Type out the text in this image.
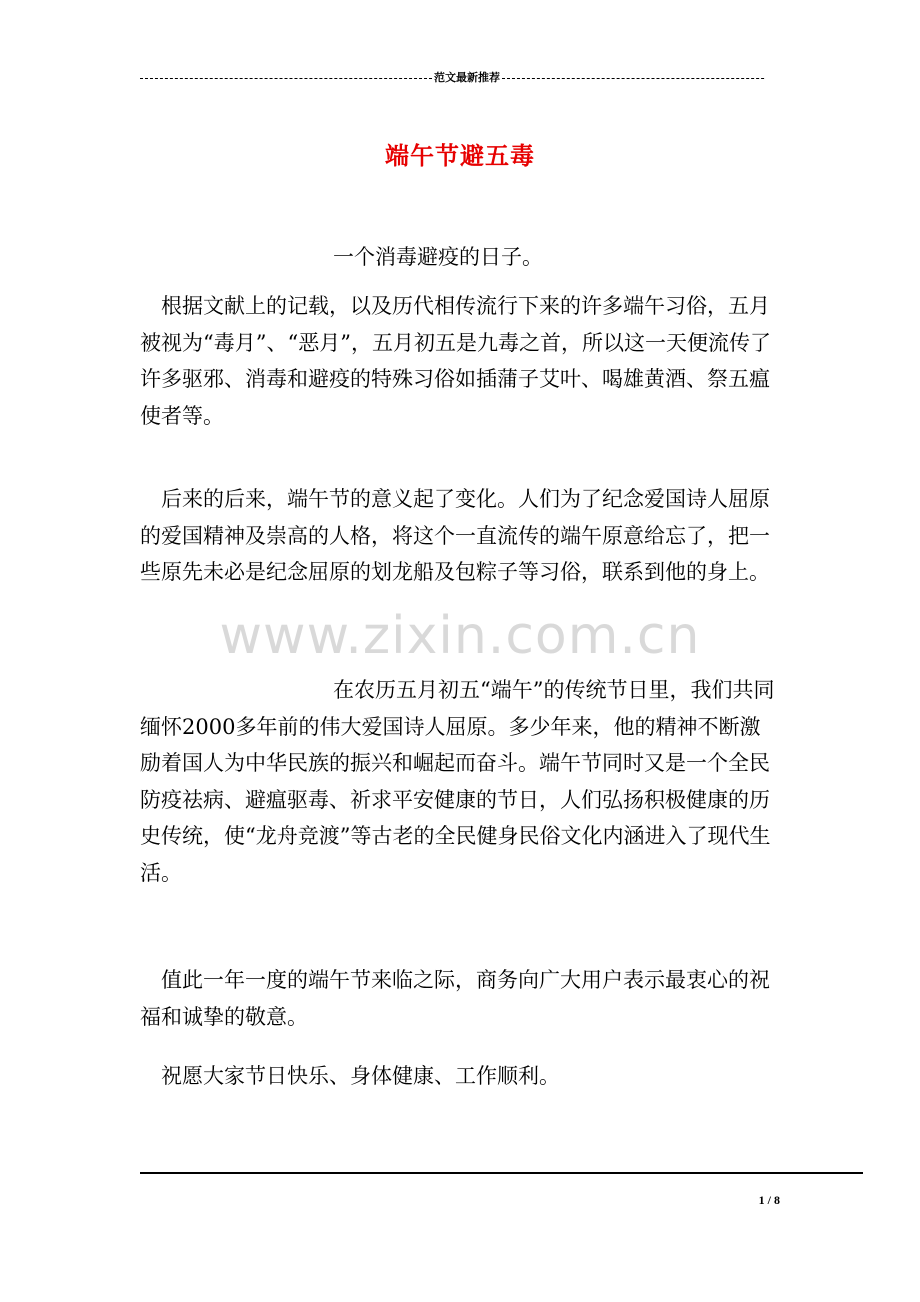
范文最新推荐
端午节避五毒

一个消毒避疫的日子。

根据文献上的记载，以及历代相传流行下来的许多端午习俗，五月被视为“毒月”、“恶月”，五月初五是九毒之首，所以这一天便流传了许多驱邪、消毒和避疫的特殊习俗如插蒲子艾叶、喝雄黄酒、祭五瘟使者等。

后来的后来，端午节的意义起了变化。人们为了纪念爱国诗人屈原的爱国精神及崇高的人格，将这个一直流传的端午原意给忘了，把一些原先未必是纪念屈原的划龙船及包粽子等习俗，联系到他的身上。

www.zixin.com.cn

在农历五月初五“端午”的传统节日里，我们共同缅怀2000多年前的伟大爱国诗人屈原。多少年来，他的精神不断激励着国人为中华民族的振兴和崛起而奋斗。端午节同时又是一个全民防疫祛病、避瘟驱毒、祈求平安健康的节日，人们弘扬积极健康的历史传统，使“龙舟竞渡”等古老的全民健身民俗文化内涵进入了现代生活。

值此一年一度的端午节来临之际，商务向广大用户表示最衷心的祝福和诚挚的敬意。

祝愿大家节日快乐、身体健康、工作顺利。

1 / 8
